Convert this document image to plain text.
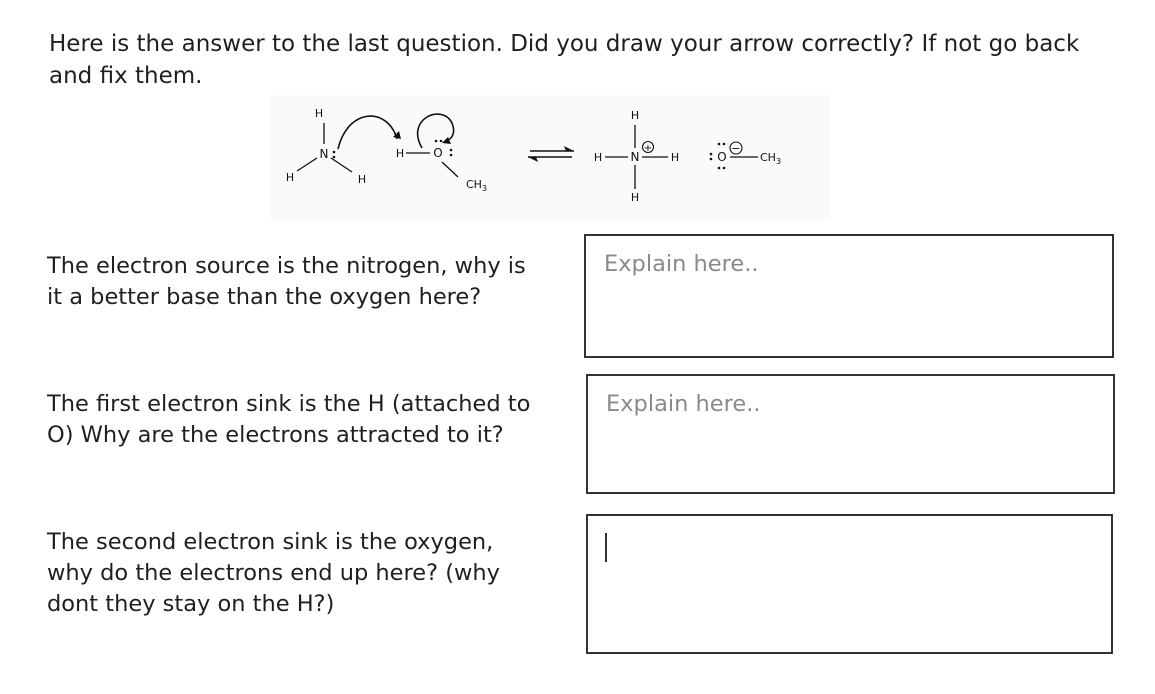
Here is the answer to the last question. Did you draw your arrow correctly? If not go back and fix them.

H
N
H	H
H O
$CH_3$
H
H N
+
H
H
O
−
$CH_3$

The electron source is the nitrogen, why is
it a better base than the oxygen here?

Explain here..

The first electron sink is the H (attached to
O) Why are the electrons attracted to it?

Explain here..

The second electron sink is the oxygen,
why do the electrons end up here? (why
dont they stay on the H?)
